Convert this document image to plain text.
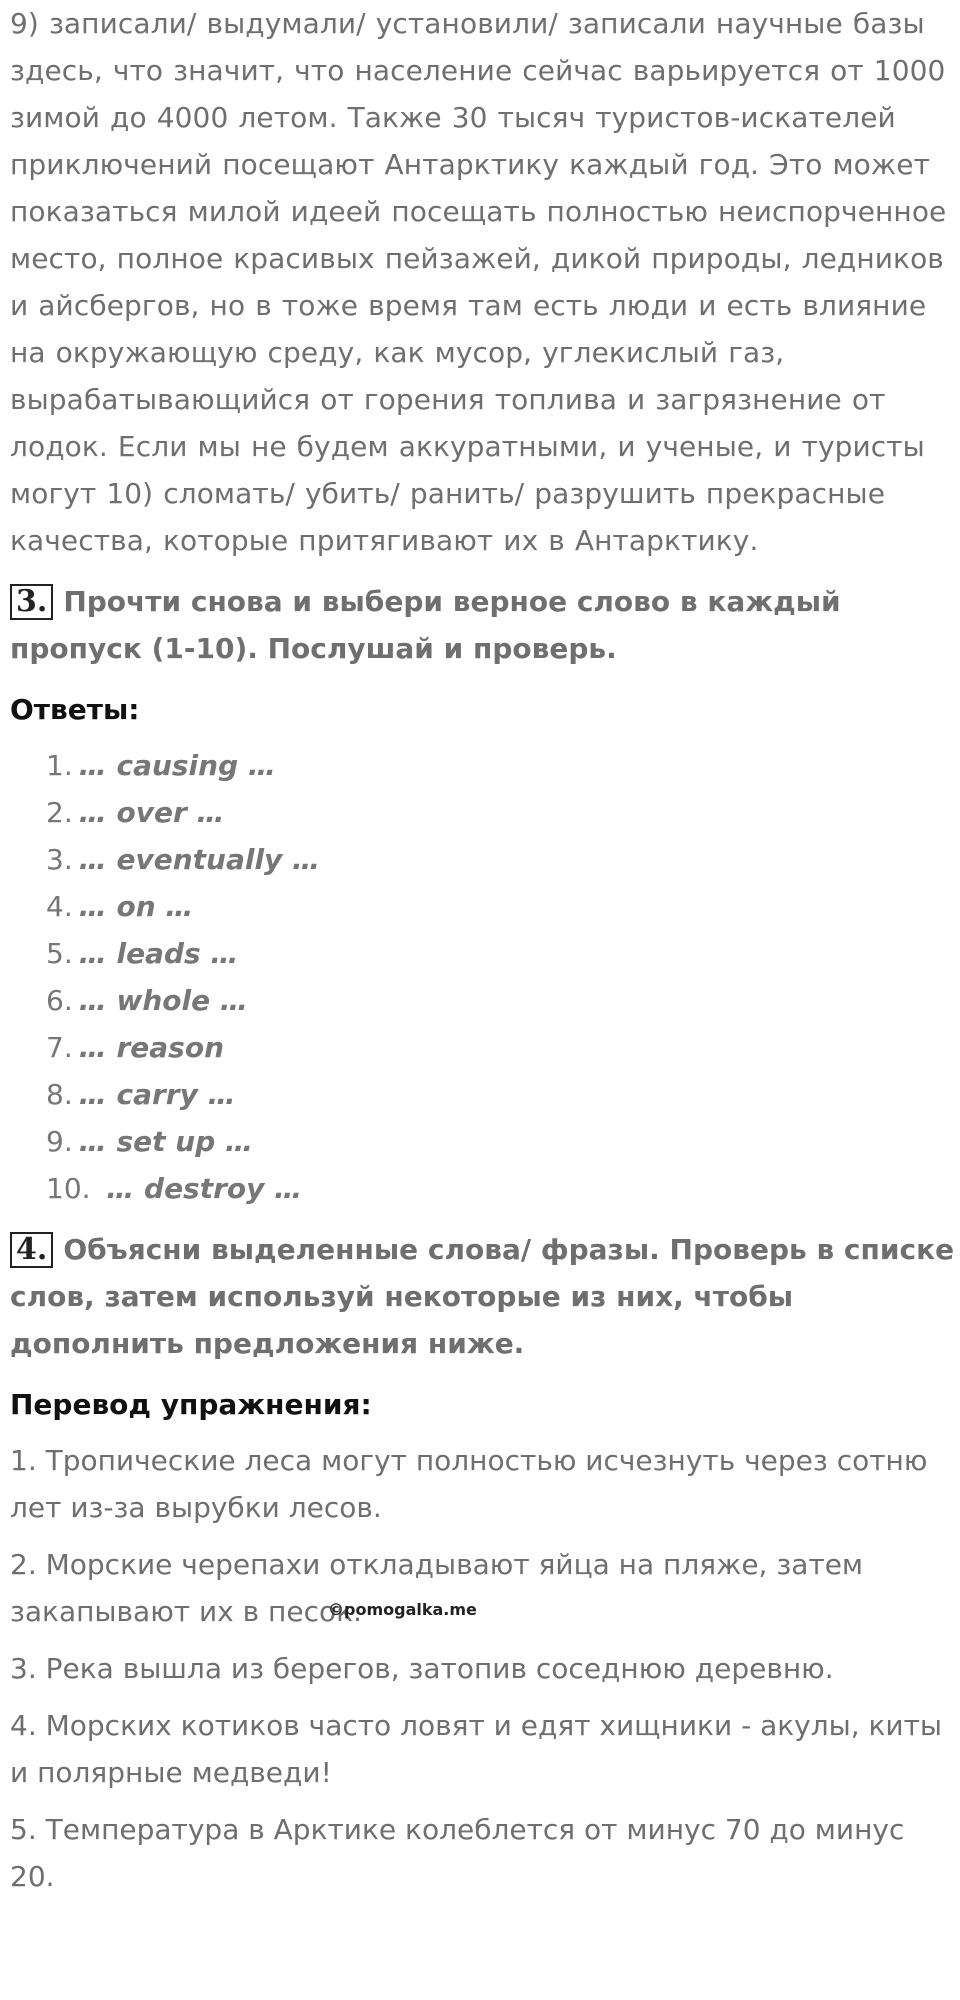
9) записали/ выдумали/ установили/ записали научные базы здесь, что значит, что население сейчас варьируется от 1000 зимой до 4000 летом. Также 30 тысяч туристов-искателей приключений посещают Антарктику каждый год. Это может показаться милой идеей посещать полностью неиспорченное место, полное красивых пейзажей, дикой природы, ледников и айсбергов, но в тоже время там есть люди и есть влияние на окружающую среду, как мусор, углекислый газ, вырабатывающийся от горения топлива и загрязнение от лодок. Если мы не будем аккуратными, и ученые, и туристы могут 10) сломать/ убить/ ранить/ разрушить прекрасные качества, которые притягивают их в Антарктику.

3. Прочти снова и выбери верное слово в каждый пропуск (1-10). Послушай и проверь.

Ответы:
1. … causing …
2. … over …
3. … eventually …
4. … on …
5. … leads …
6. … whole …
7. … reason
8. … carry …
9. … set up …
10. … destroy …

4. Объясни выделенные слова/ фразы. Проверь в списке слов, затем используй некоторые из них, чтобы дополнить предложения ниже.

Перевод упражнения:

1. Тропические леса могут полностью исчезнуть через сотню лет из-за вырубки лесов.

2. Морские черепахи откладывают яйца на пляже, затем закапывают их в песок.

3. Река вышла из берегов, затопив соседнюю деревню.

4. Морских котиков часто ловят и едят хищники - акулы, киты и полярные медведи!

5. Температура в Арктике колеблется от минус 70 до минус 20.

©pomogalka.me
